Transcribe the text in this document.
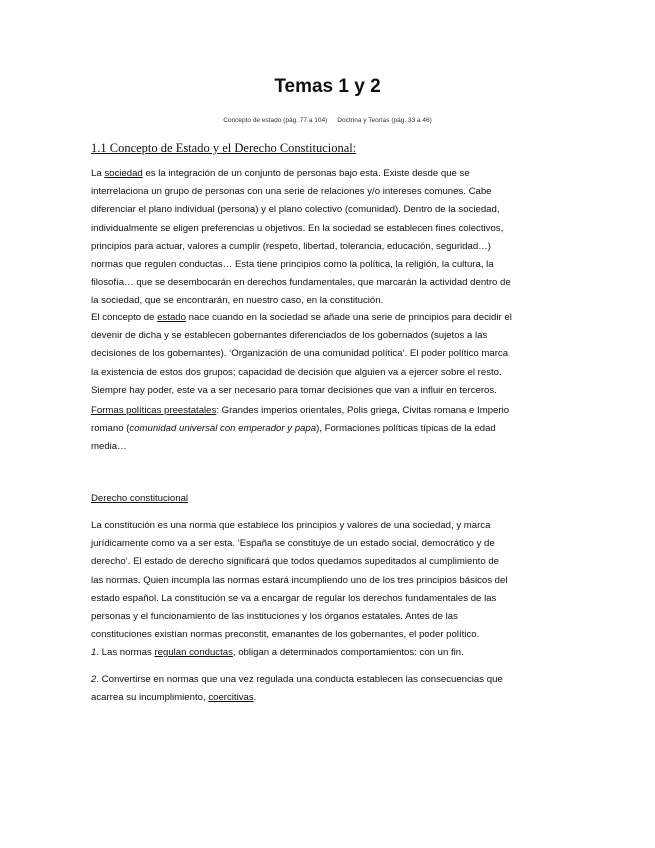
Temas 1 y 2
Concepto de estado (pág. 77 a 104) Doctrina y Teorías (pág. 33 a 46)
1.1 Concepto de Estado y el Derecho Constitucional:
La sociedad es la integración de un conjunto de personas bajo esta. Existe desde que se
interrelaciona un grupo de personas con una serie de relaciones y/o intereses comunes. Cabe
diferenciar el plano individual (persona) y el plano colectivo (comunidad). Dentro de la sociedad,
individualmente se eligen preferencias u objetivos. En la sociedad se establecen fines colectivos,
principios para actuar, valores a cumplir (respeto, libertad, tolerancia, educación, seguridad…)
normas que regulen conductas… Esta tiene principios como la política, la religión, la cultura, la
filosofía… que se desembocarán en derechos fundamentales, que marcarán la actividad dentro de
la sociedad, que se encontrarán, en nuestro caso, en la constitución.
El concepto de estado nace cuando en la sociedad se añade una serie de principios para decidir el
devenir de dicha y se establecen gobernantes diferenciados de los gobernados (sujetos a las
decisiones de los gobernantes). ‘Organización de una comunidad política’. El poder político marca
la existencia de estos dos grupos; capacidad de decisión que alguien va a ejercer sobre el resto.
Siempre hay poder, este va a ser necesario para tomar decisiones que van a influir en terceros.
Formas políticas preestatales: Grandes imperios orientales, Polis griega, Civitas romana e Imperio
romano (comunidad universal con emperador y papa), Formaciones políticas típicas de la edad
media…
Derecho constitucional
La constitución es una norma que establece los principios y valores de una sociedad, y marca
jurídicamente como va a ser esta. ‘España se constituye de un estado social, democrático y de
derecho’. El estado de derecho significará que todos quedamos supeditados al cumplimiento de
las normas. Quien incumpla las normas estará incumpliendo uno de los tres principios básicos del
estado español. La constitución se va a encargar de regular los derechos fundamentales de las
personas y el funcionamiento de las instituciones y los órganos estatales. Antes de las
constituciones existían normas preconstit, emanantes de los gobernantes, el poder político.
1. Las normas regulan conductas, obligan a determinados comportamientos: con un fin.
2. Convertirse en normas que una vez regulada una conducta establecen las consecuencias que
acarrea su incumplimiento, coercitivas.
